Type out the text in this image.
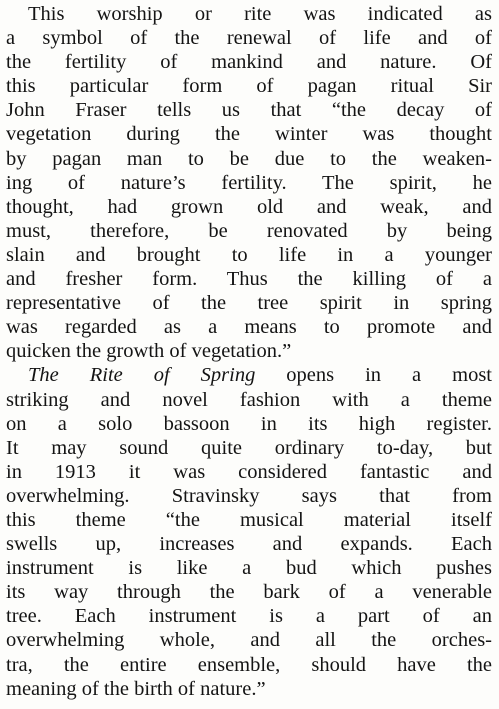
This worship or rite was indicated as
a symbol of the renewal of life and of
the fertility of mankind and nature. Of
this particular form of pagan ritual Sir
John Fraser tells us that “the decay of
vegetation during the winter was thought
by pagan man to be due to the weaken-
ing of nature’s fertility. The spirit, he
thought, had grown old and weak, and
must, therefore, be renovated by being
slain and brought to life in a younger
and fresher form. Thus the killing of a
representative of the tree spirit in spring
was regarded as a means to promote and
quicken the growth of vegetation.”
The Rite of Spring opens in a most
striking and novel fashion with a theme
on a solo bassoon in its high register.
It may sound quite ordinary to-day, but
in 1913 it was considered fantastic and
overwhelming. Stravinsky says that from
this theme “the musical material itself
swells up, increases and expands. Each
instrument is like a bud which pushes
its way through the bark of a venerable
tree. Each instrument is a part of an
overwhelming whole, and all the orches-
tra, the entire ensemble, should have the
meaning of the birth of nature.”
